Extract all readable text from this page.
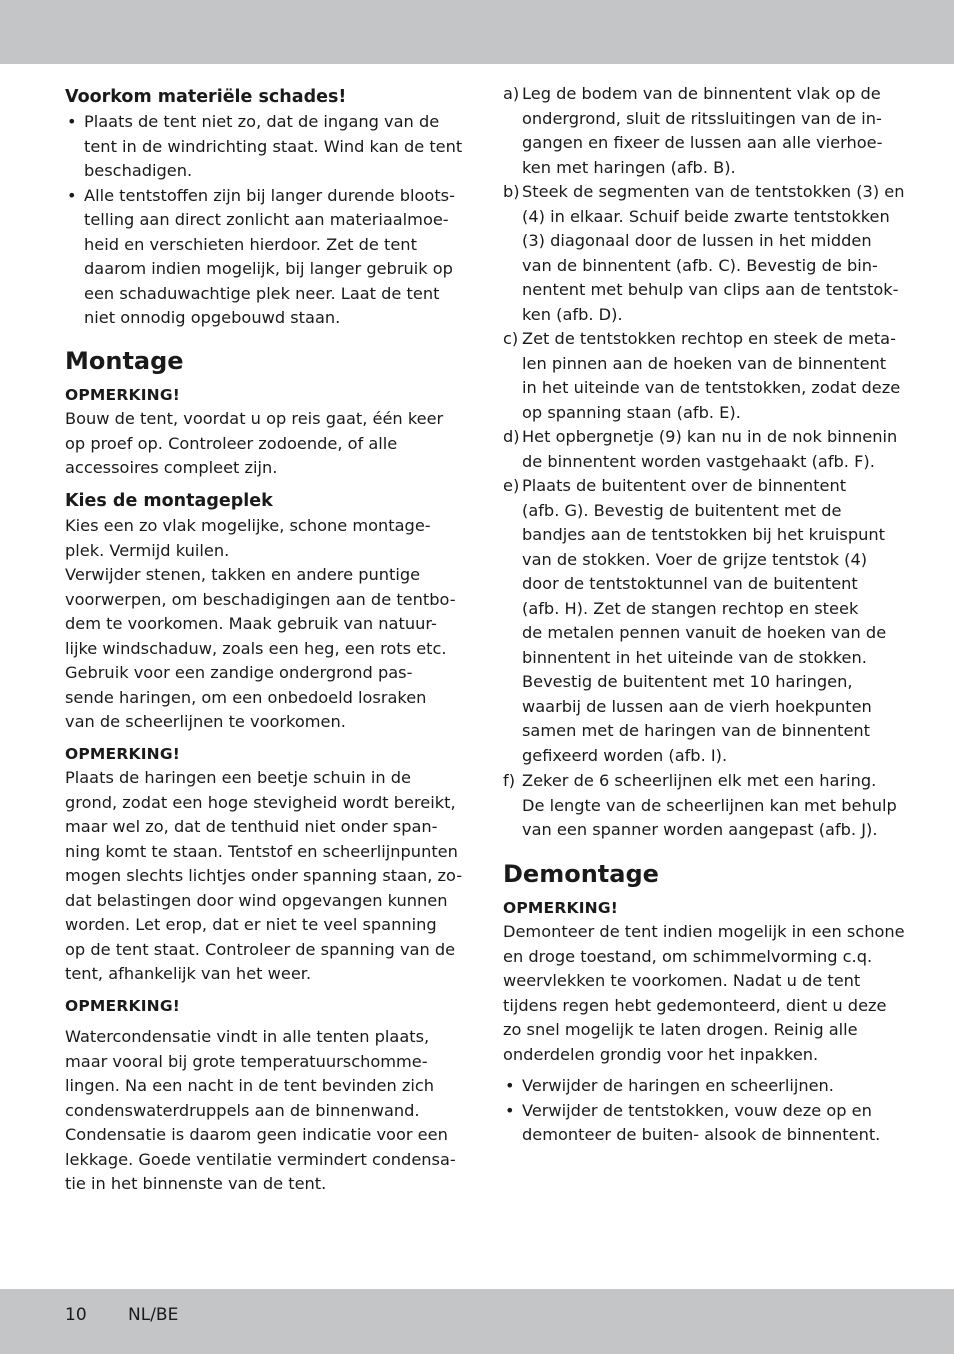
Voorkom materiële schades!
• Plaats de tent niet zo, dat de ingang van de
tent in de windrichting staat. Wind kan de tent
beschadigen.
• Alle tentstoffen zijn bij langer durende bloots-
telling aan direct zonlicht aan materiaalmoe-
heid en verschieten hierdoor. Zet de tent
daarom indien mogelijk, bij langer gebruik op
een schaduwachtige plek neer. Laat de tent
niet onnodig opgebouwd staan.
Montage
OPMERKING!
Bouw de tent, voordat u op reis gaat, één keer
op proef op. Controleer zodoende, of alle
accessoires compleet zijn.
Kies de montageplek
Kies een zo vlak mogelijke, schone montage-
plek. Vermijd kuilen.
Verwijder stenen, takken en andere puntige
voorwerpen, om beschadigingen aan de tentbo-
dem te voorkomen. Maak gebruik van natuur-
lijke windschaduw, zoals een heg, een rots etc.
Gebruik voor een zandige ondergrond pas-
sende haringen, om een onbedoeld losraken
van de scheerlijnen te voorkomen.
OPMERKING!
Plaats de haringen een beetje schuin in de
grond, zodat een hoge stevigheid wordt bereikt,
maar wel zo, dat de tenthuid niet onder span-
ning komt te staan. Tentstof en scheerlijnpunten
mogen slechts lichtjes onder spanning staan, zo-
dat belastingen door wind opgevangen kunnen
worden. Let erop, dat er niet te veel spanning
op de tent staat. Controleer de spanning van de
tent, afhankelijk van het weer.
OPMERKING!
Watercondensatie vindt in alle tenten plaats,
maar vooral bij grote temperatuurschomme-
lingen. Na een nacht in de tent bevinden zich
condenswaterdruppels aan de binnenwand.
Condensatie is daarom geen indicatie voor een
lekkage. Goede ventilatie vermindert condensa-
tie in het binnenste van de tent.
a) Leg de bodem van de binnentent vlak op de
ondergrond, sluit de ritssluitingen van de in-
gangen en fixeer de lussen aan alle vierhoe-
ken met haringen (afb. B).
b) Steek de segmenten van de tentstokken (3) en
(4) in elkaar. Schuif beide zwarte tentstokken
(3) diagonaal door de lussen in het midden
van de binnentent (afb. C). Bevestig de bin-
nentent met behulp van clips aan de tentstok-
ken (afb. D).
c) Zet de tentstokken rechtop en steek de meta-
len pinnen aan de hoeken van de binnentent
in het uiteinde van de tentstokken, zodat deze
op spanning staan (afb. E).
d) Het opbergnetje (9) kan nu in de nok binnenin
de binnentent worden vastgehaakt (afb. F).
e) Plaats de buitentent over de binnentent
(afb. G). Bevestig de buitentent met de
bandjes aan de tentstokken bij het kruispunt
van de stokken. Voer de grijze tentstok (4)
door de tentstoktunnel van de buitentent
(afb. H). Zet de stangen rechtop en steek
de metalen pennen vanuit de hoeken van de
binnentent in het uiteinde van de stokken.
Bevestig de buitentent met 10 haringen,
waarbij de lussen aan de vierh hoekpunten
samen met de haringen van de binnentent
gefixeerd worden (afb. I).
f) Zeker de 6 scheerlijnen elk met een haring.
De lengte van de scheerlijnen kan met behulp
van een spanner worden aangepast (afb. J).
Demontage
OPMERKING!
Demonteer de tent indien mogelijk in een schone
en droge toestand, om schimmelvorming c.q.
weervlekken te voorkomen. Nadat u de tent
tijdens regen hebt gedemonteerd, dient u deze
zo snel mogelijk te laten drogen. Reinig alle
onderdelen grondig voor het inpakken.
• Verwijder de haringen en scheerlijnen.
• Verwijder de tentstokken, vouw deze op en
demonteer de buiten- alsook de binnentent.
10 NL/BE
